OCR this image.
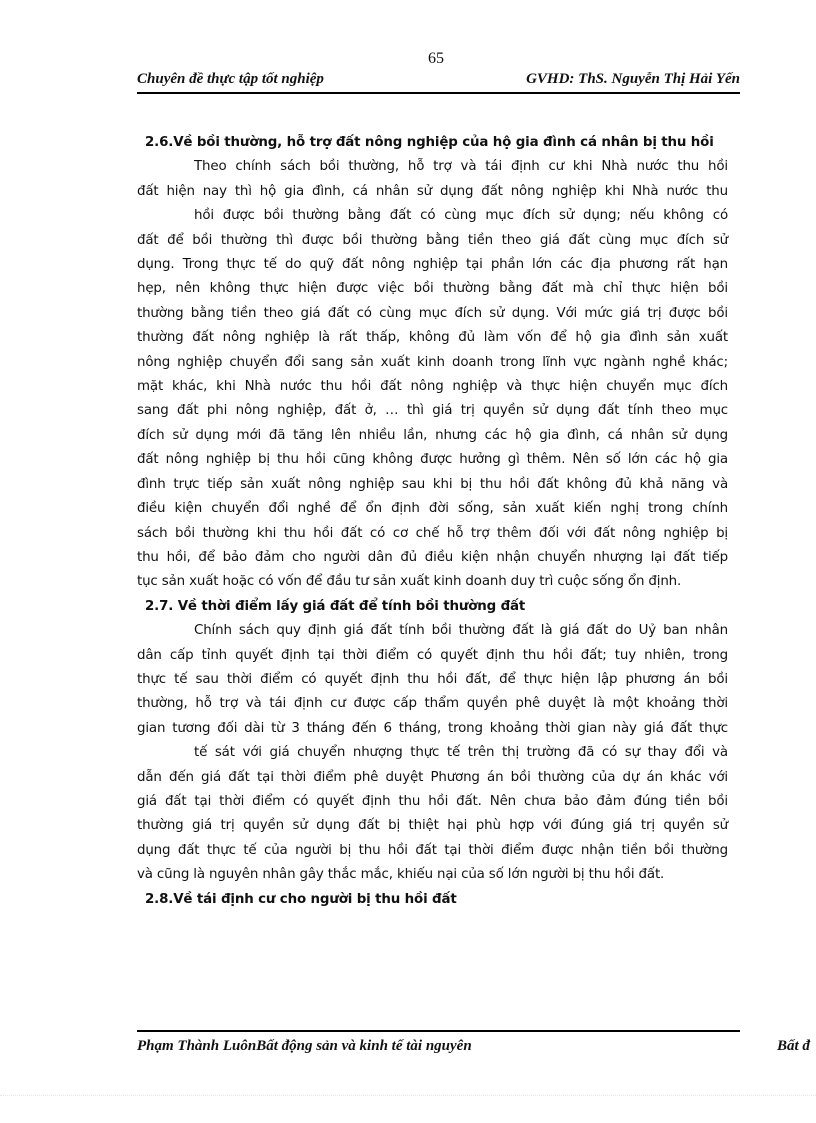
65
Chuyên đề thực tập tốt nghiệp	GVHD: ThS. Nguyễn Thị Hải Yến

2.6.Về bồi thường, hỗ trợ đất nông nghiệp của hộ gia đình cá nhân bị thu hồi

Theo chính sách bồi thường, hỗ trợ và tái định cư khi Nhà nước thu hồi

đất hiện nay thì hộ gia đình, cá nhân sử dụng đất nông nghiệp khi Nhà nước thu

hồi được bồi thường bằng đất có cùng mục đích sử dụng; nếu không có

đất để bồi thường thì được bồi thường bằng tiền theo giá đất cùng mục đích sử

dụng. Trong thực tế do quỹ đất nông nghiệp tại phần lớn các địa phương rất hạn

hẹp, nên không thực hiện được việc bồi thường bằng đất mà chỉ thực hiện bồi

thường bằng tiền theo giá đất có cùng mục đích sử dụng. Với mức giá trị được bồi

thường đất nông nghiệp là rất thấp, không đủ làm vốn để hộ gia đình sản xuất

nông nghiệp chuyển đổi sang sản xuất kinh doanh trong lĩnh vực ngành nghề khác;

mặt khác, khi Nhà nước thu hồi đất nông nghiệp và thực hiện chuyển mục đích

sang đất phi nông nghiệp, đất ở, … thì giá trị quyền sử dụng đất tính theo mục

đích sử dụng mới đã tăng lên nhiều lần, nhưng các hộ gia đình, cá nhân sử dụng

đất nông nghiệp bị thu hồi cũng không được hưởng gì thêm. Nên số lớn các hộ gia

đình trực tiếp sản xuất nông nghiệp sau khi bị thu hồi đất không đủ khả năng và

điều kiện chuyển đổi nghề để ổn định đời sống, sản xuất kiến nghị trong chính

sách bồi thường khi thu hồi đất có cơ chế hỗ trợ thêm đối với đất nông nghiệp bị

thu hồi, để bảo đảm cho người dân đủ điều kiện nhận chuyển nhượng lại đất tiếp

tục sản xuất hoặc có vốn để đầu tư sản xuất kinh doanh duy trì cuộc sống ổn định.

2.7. Về thời điểm lấy giá đất để tính bồi thường đất

Chính sách quy định giá đất tính bồi thường đất là giá đất do Uỷ ban nhân

dân cấp tỉnh quyết định tại thời điểm có quyết định thu hồi đất; tuy nhiên, trong

thực tế sau thời điểm có quyết định thu hồi đất, để thực hiện lập phương án bồi

thường, hỗ trợ và tái định cư được cấp thẩm quyền phê duyệt là một khoảng thời

gian tương đối dài từ 3 tháng đến 6 tháng, trong khoảng thời gian này giá đất thực

tế sát với giá chuyển nhượng thực tế trên thị trường đã có sự thay đổi và

dẫn đến giá đất tại thời điểm phê duyệt Phương án bồi thường của dự án khác với

giá đất tại thời điểm có quyết định thu hồi đất. Nên chưa bảo đảm đúng tiền bồi

thường giá trị quyền sử dụng đất bị thiệt hại phù hợp với đúng giá trị quyền sử

dụng đất thực tế của người bị thu hồi đất tại thời điểm được nhận tiền bồi thường

và cũng là nguyên nhân gây thắc mắc, khiếu nại của số lớn người bị thu hồi đất.

2.8.Về tái định cư cho người bị thu hồi đất

Phạm Thành LuônBất động sản và kinh tế tài nguyên	Bất đ
